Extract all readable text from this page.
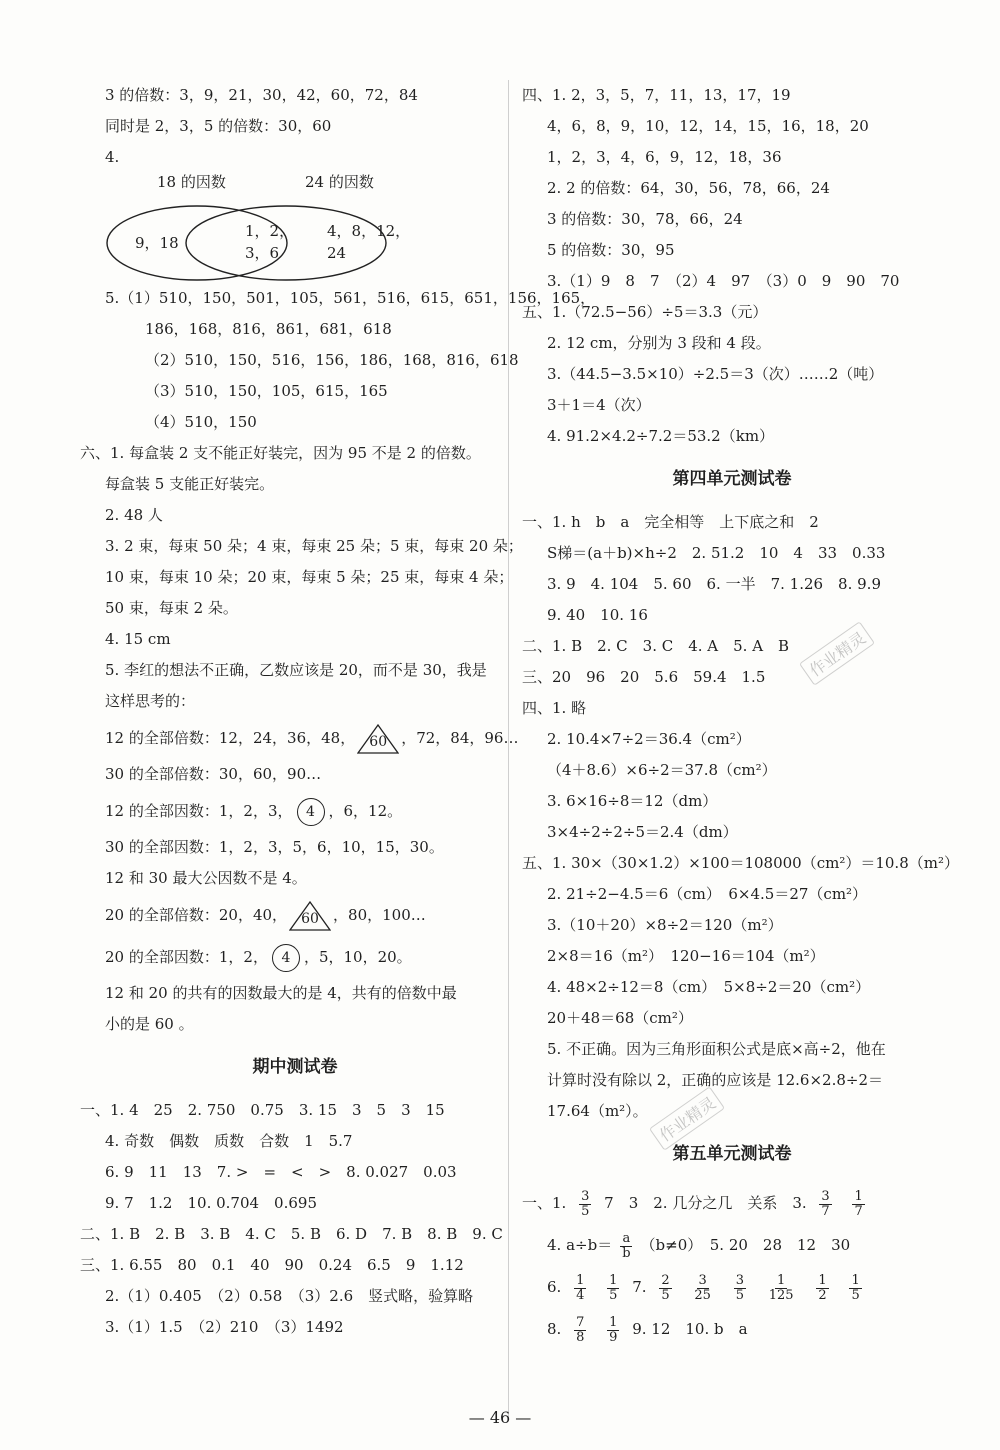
3 的倍数：3，9，21，30，42，60，72，84
同时是 2，3，5 的倍数：30，60
4.
18 的因数	24 的因数
9，18
1，2，
3，6
4，8，12，
24
5.（1）510，150，501，105，561，516，615，651，156，165，
186，168，816，861，681，618
（2）510，150，516，156，186，168，816，618
（3）510，150，105，615，165
（4）510，150
六、1. 每盒装 2 支不能正好装完，因为 95 不是 2 的倍数。
每盒装 5 支能正好装完。
2. 48 人
3. 2 束，每束 50 朵；4 束，每束 25 朵；5 束，每束 20 朵；
10 束，每束 10 朵；20 束，每束 5 朵；25 束，每束 4 朵；
50 束，每束 2 朵。
4. 15 cm
5. 李红的想法不正确，乙数应该是 20，而不是 30，我是
这样思考的：
12 的全部倍数：12，24，36，48，	60 ，72，84，96…
30 的全部倍数：30，60，90…
12 的全部因数：1，2，3， 4 ，6，12。
30 的全部因数：1，2，3，5，6，10，15，30。
12 和 30 最大公因数不是 4。
20 的全部倍数：20，40，	60 ，80，100…
20 的全部因数：1，2， 4 ，5，10，20。
12 和 20 的共有的因数最大的是 4，共有的倍数中最
小的是 60 。
期中测试卷
一、1. 4　25　2. 750　0.75　3. 15　3　5　3　15
4. 奇数　偶数　质数　合数　1　5.7
6. 9　11　13　7. >　=　<　>　8. 0.027　0.03
9. 7　1.2　10. 0.704　0.695
二、1. B　2. B　3. B　4. C　5. B　6. D　7. B　8. B　9. C
三、1. 6.55　80　0.1　40　90　0.24　6.5　9　1.12
2.（1）0.405　（2）0.58　（3）2.6　竖式略，验算略
3.（1）1.5　（2）210　（3）1492
四、1. 2，3，5，7，11，13，17，19
4，6，8，9，10，12，14，15，16，18，20
1，2，3，4，6，9，12，18，36
2. 2 的倍数：64，30，56，78，66，24
3 的倍数：30，78，66，24
5 的倍数：30，95
3.（1）9　8　7　（2）4　97　（3）0　9　90　70
五、1.（72.5−56）÷5＝3.3（元）
2. 12 cm，分别为 3 段和 4 段。
3.（44.5−3.5×10）÷2.5＝3（次）……2（吨）
3＋1＝4（次）
4. 91.2×4.2÷7.2＝53.2（km）
第四单元测试卷
一、1. h　b　a　完全相等　上下底之和　2
S梯＝(a＋b)×h÷2　2. 51.2　10　4　33　0.33
3. 9　4. 104　5. 60　6. 一半　7. 1.26　8. 9.9
9. 40　10. 16
二、1. B　2. C　3. C　4. A　5. A　B
三、20　96　20　5.6　59.4　1.5
四、1. 略
2. 10.4×7÷2＝36.4（cm²）
（4＋8.6）×6÷2＝37.8（cm²）
3. 6×16÷8＝12（dm）
3×4÷2÷2÷5＝2.4（dm）
五、1. 30×（30×1.2）×100＝108000（cm²）＝10.8（m²）
2. 21÷2−4.5＝6（cm）　6×4.5＝27（cm²）
3.（10＋20）×8÷2＝120（m²）
2×8＝16（m²）　120−16＝104（m²）
4. 48×2÷12＝8（cm）　5×8÷2＝20（cm²）
20＋48＝68（cm²）
5. 不正确。因为三角形面积公式是底×高÷2，他在
计算时没有除以 2，正确的应该是 12.6×2.8÷2＝
17.64（m²）。
第五单元测试卷
一、1. $\frac{3}{5} 7$　3　2. 几分之几　关系　3. $\frac{3}{7}$
$\frac{1}{7}$
4. $a\div b= \frac{a}{b} (b\ne 0)$　5. 20　28　12　30
6. $\frac{1}{4}$
$\frac{1}{5} 7$. $\frac{2}{5}$
$\frac{3}{25}$
$\frac{3}{5}$
$\frac{1}{125}$
$\frac{1}{2}$
$\frac{1}{5}$
8. $\frac{7}{8}$
$\frac{1}{9} 9$. 12　10. b　a
作业精灵
作业精灵
— 46 —
